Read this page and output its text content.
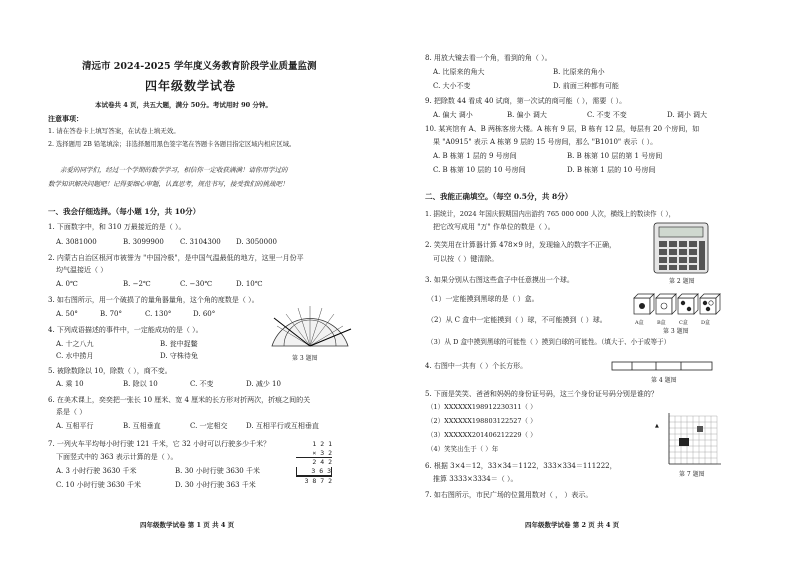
清远市 2024-2025 学年度义务教育阶段学业质量监测
四年级数学试卷
本试卷共 4 页，共五大题，满分 50分。考试用时 90 分钟。
注意事项：
1. 请在答卷卡上填写答案，在试卷上填无效。
2. 选择题用 2B 铅笔填涂；非选择题用黑色签字笔在答题卡各题目指定区域内相应区域。
亲爱的同学们，经过一个学期的数学学习，相信你一定收获满满！请你用学过的
数学知识解决问题吧！记得要细心审题，认真思考，规范书写，接受我们的挑战吧！
一、我会仔细选择。（每小题 1分，共 10分）
1. 下面数字中，和 310 万最接近的是（ ）。
A. 3081000	B. 3099900 C. 3104300 D. 3050000
2. 内蒙古自治区根河市被誉为 "中国冷极"，是中国气温最低的地方，这里一月份平
均气温接近（ ）
A. 0℃	B. −2℃	C. −30℃	D. 10℃
3. 如右图所示，用一个破损了的量角器量角，这个角的度数是（ ）。
A. 50°	B. 70°	C. 130°	D. 60°
第 3 题图
4. 下列成语描述的事件中，一定能成功的是（ ）。
A. 十之八九	B. 瓮中捉鳖
C. 水中捞月	D. 守株待兔
5. 被除数除以 10，除数（ ），商不变。
A. 乘 10	B. 除以 10	C. 不变	D. 减少 10
6. 在美术课上，奕奕把一张长 10 厘米、宽 4 厘米的长方形对折两次，折痕之间的关
系是（ ）
A. 互相平行	B. 互相垂直	C. 一定相交	D. 互相平行或互相垂直
7. 一列火车平均每小时行驶 121 千米，它 32 小时可以行驶多少千米？
下面竖式中的 363 表示计算的是（ ）。
A. 3 小时行驶 3630 千米	B. 30 小时行驶 3630 千米
C. 10 小时行驶 3630 千米	D. 30 小时行驶 363 千米
1 2 1
× 3 2
2 4 2
3 6 3
3 8 7 2
四年级数学试卷 第 1 页 共 4 页
8. 用放大镜去看一个角，看到的角（ ）。
A. 比原来的角大	B. 比原来的角小
C. 大小不变	D. 前面三种都有可能
9. 把除数 44 看成 40 试商，第一次试的商可能（ ），需要（ ）。
A. 偏大 调小	B. 偏小 调大	C. 不变 不变	D. 调小 调大
10. 某宾馆有 A、B 两栋客房大楼。A 栋有 9 层，B 栋有 12 层，每层有 20 个房间，如
果 "A0915" 表示 A 栋第 9 层的 15 号房间，那么 "B1010" 表示（ ）。
A. B 栋第 1 层的 9 号房间	B. B 栋第 10 层的第 1 号房间
C. B 栋第 10 层的 10 号房间	D. B 栋第 1 层的 10 号房间
二、我能正确填空。（每空 0.5分，共 8分）
1. 据统计，2024 年国庆假期国内出游约 765 000 000 人次，横线上的数读作（ ），
把它改写成用 "万" 作单位的数是（ ）。
2. 笑笑用在计算器计算 478×9 时，发现输入的数字不正确，
可以按（ ）键清除。
第 2 题图
3. 如果分别从右图这些盒子中任意摸出一个球。
（1）一定能摸到黑球的是（ ）盒。
（2）从 C 盒中一定能摸到（ ）球，不可能摸到（ ）球。
（3）从 D 盒中摸到黑球的可能性（ ）摸到白球的可能性。（填大于、小于或等于）
A盒	B盒	C盒	D盒
第 3 题图
4. 右图中一共有（ ）个长方形。
第 4 题图
5. 下面是笑笑、爸爸和妈妈的身份证号码，这三个身份证号码分别是谁的？
（1）XXXXXX198912230311（ ）
（2）XXXXXX198803122527（ ）
（3）XXXXXX201406212229（ ）
（4）笑笑出生于（ ）年
6. 根据 3×4＝12，33×34＝1122，333×334＝111222，
推算 3333×3334＝（ ）。
▲
第 7 题图
7. 如右图所示，市民广场的位置用数对（ ， ）表示。
四年级数学试卷 第 2 页 共 4 页
